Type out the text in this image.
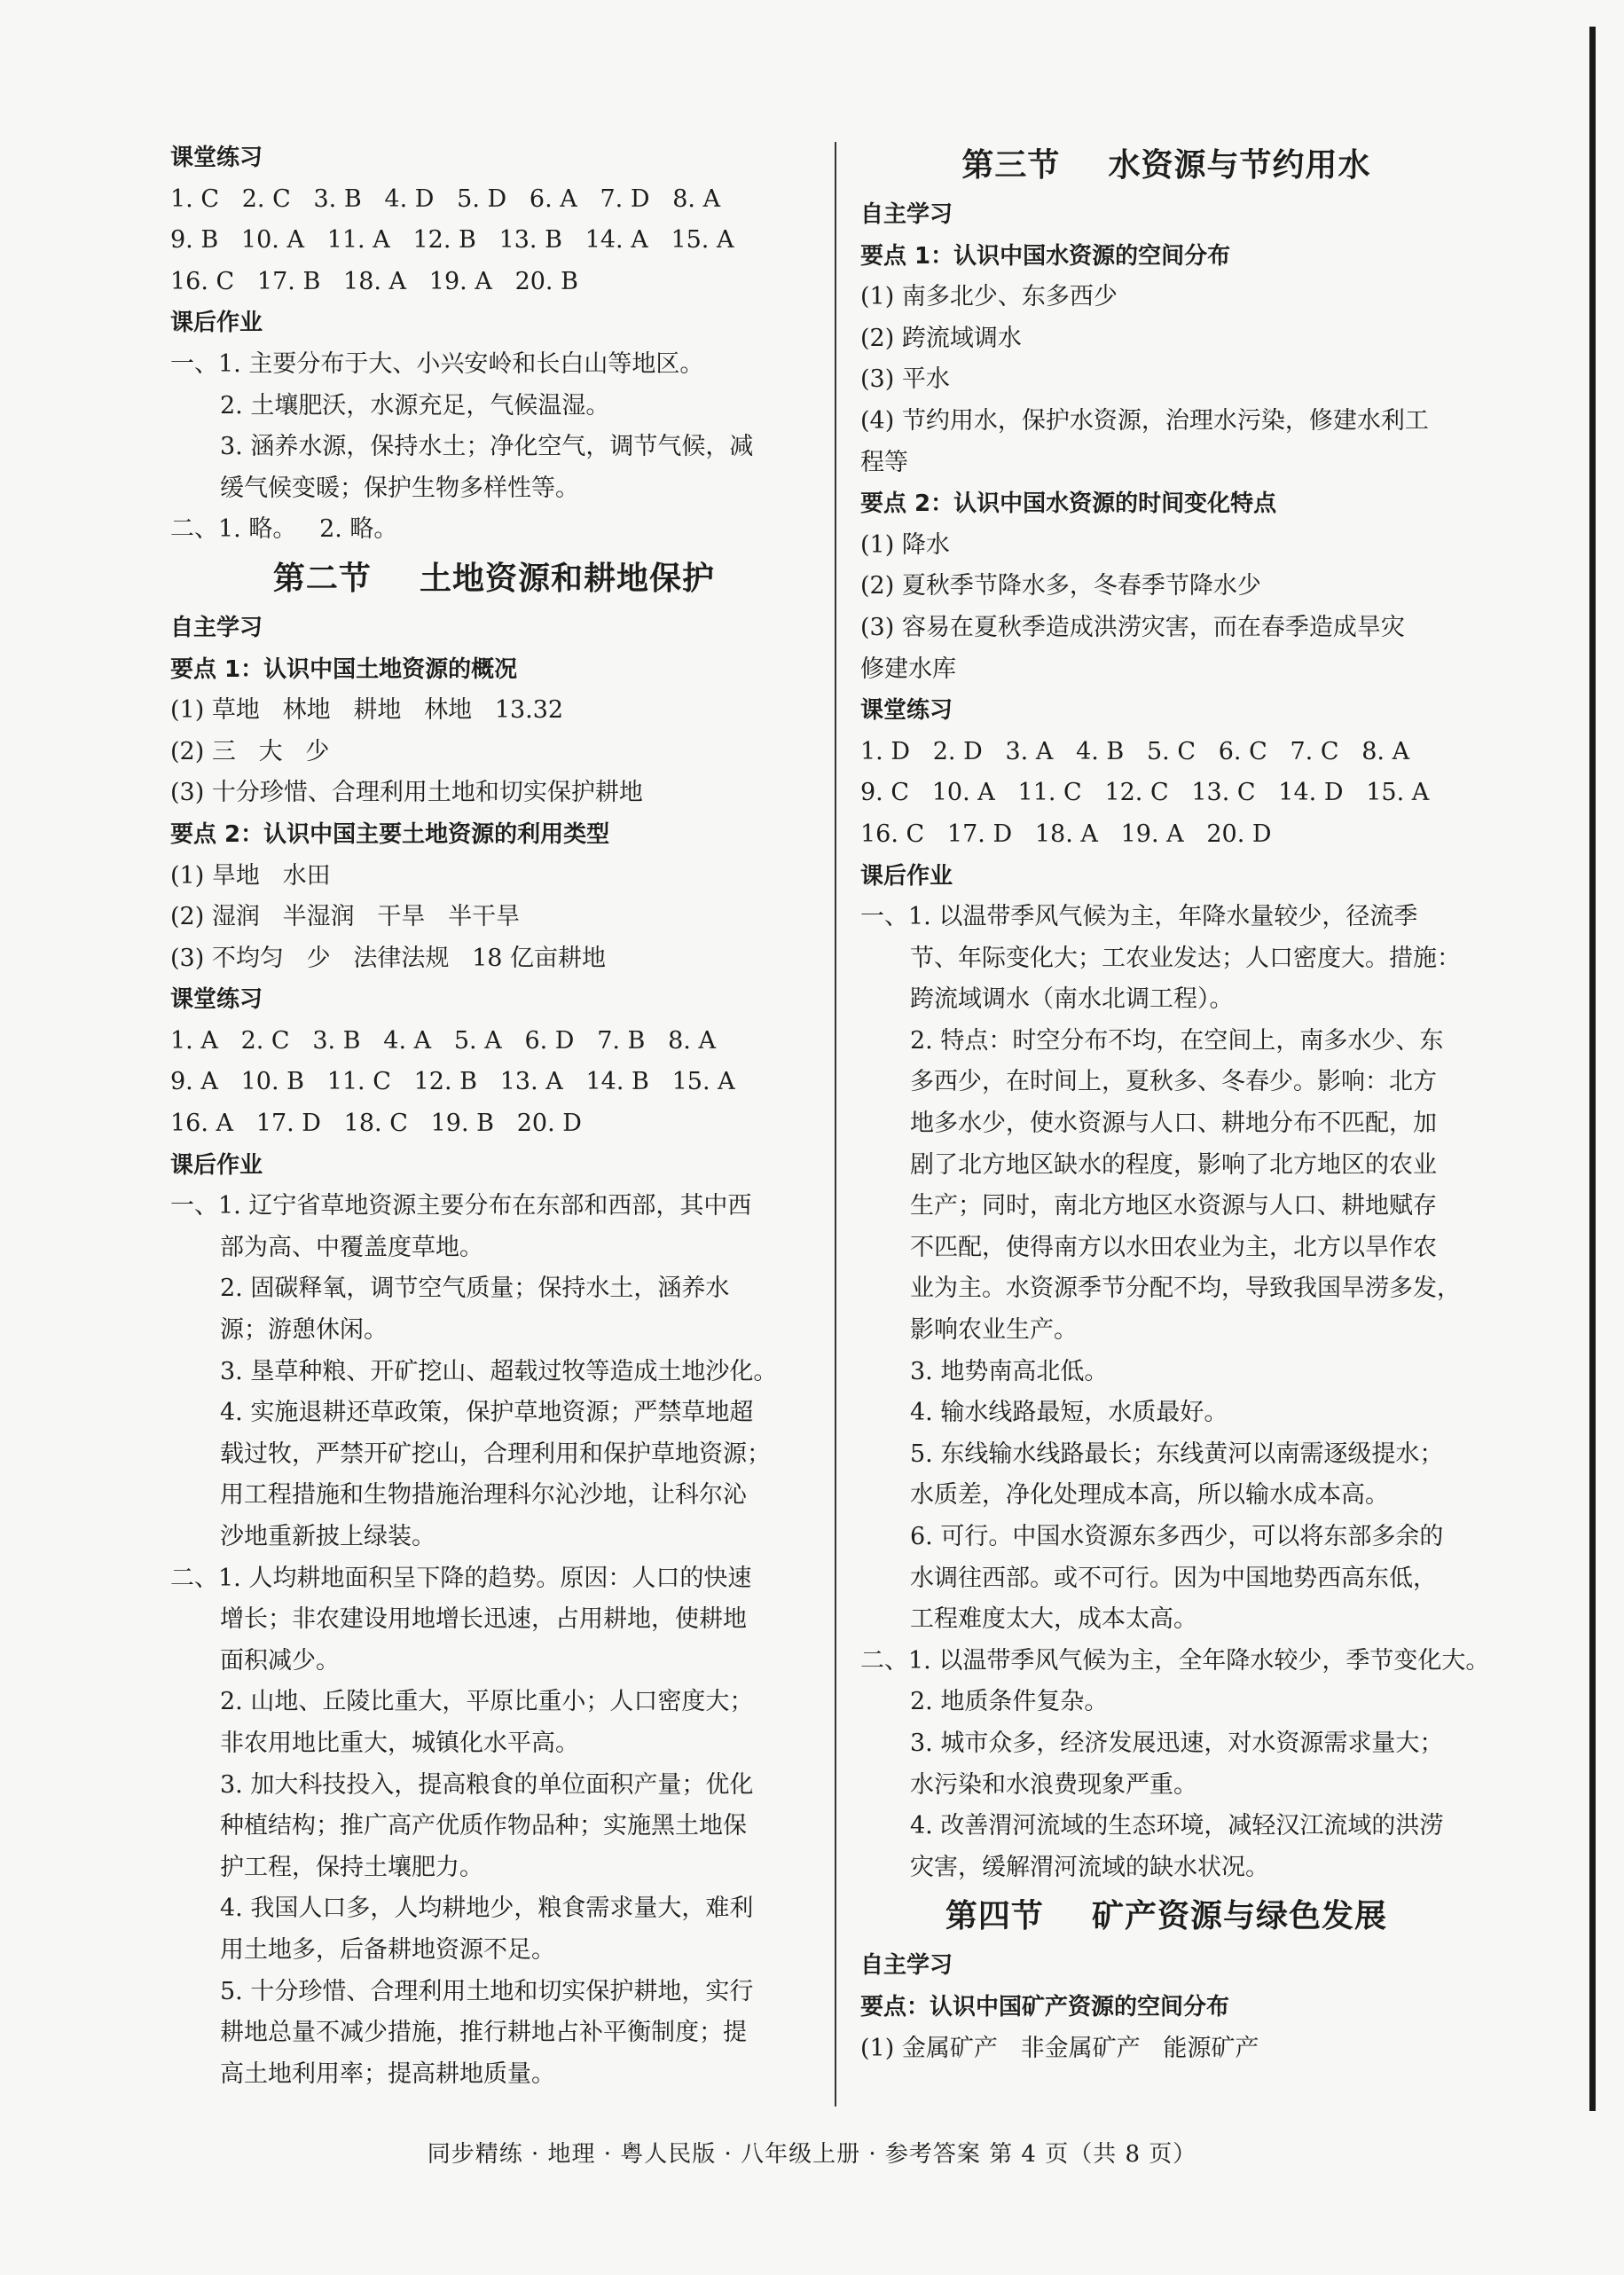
课堂练习
1. C   2. C   3. B   4. D   5. D   6. A   7. D   8. A
9. B   10. A   11. A   12. B   13. B   14. A   15. A
16. C   17. B   18. A   19. A   20. B
课后作业
一、1. 主要分布于大、小兴安岭和长白山等地区。
2. 土壤肥沃，水源充足，气候温湿。
3. 涵养水源，保持水土；净化空气，调节气候，减
缓气候变暖；保护生物多样性等。
二、1. 略。   2. 略。
第二节    土地资源和耕地保护
自主学习
要点 1：认识中国土地资源的概况
(1) 草地   林地   耕地   林地   13.32
(2) 三   大   少
(3) 十分珍惜、合理利用土地和切实保护耕地
要点 2：认识中国主要土地资源的利用类型
(1) 旱地   水田
(2) 湿润   半湿润   干旱   半干旱
(3) 不均匀   少   法律法规   18 亿亩耕地
课堂练习
1. A   2. C   3. B   4. A   5. A   6. D   7. B   8. A
9. A   10. B   11. C   12. B   13. A   14. B   15. A
16. A   17. D   18. C   19. B   20. D
课后作业
一、1. 辽宁省草地资源主要分布在东部和西部，其中西
部为高、中覆盖度草地。
2. 固碳释氧，调节空气质量；保持水土，涵养水
源；游憩休闲。
3. 垦草种粮、开矿挖山、超载过牧等造成土地沙化。
4. 实施退耕还草政策，保护草地资源；严禁草地超
载过牧，严禁开矿挖山，合理利用和保护草地资源；
用工程措施和生物措施治理科尔沁沙地，让科尔沁
沙地重新披上绿装。
二、1. 人均耕地面积呈下降的趋势。原因：人口的快速
增长；非农建设用地增长迅速，占用耕地，使耕地
面积减少。
2. 山地、丘陵比重大，平原比重小；人口密度大；
非农用地比重大，城镇化水平高。
3. 加大科技投入，提高粮食的单位面积产量；优化
种植结构；推广高产优质作物品种；实施黑土地保
护工程，保持土壤肥力。
4. 我国人口多，人均耕地少，粮食需求量大，难利
用土地多，后备耕地资源不足。
5. 十分珍惜、合理利用土地和切实保护耕地，实行
耕地总量不减少措施，推行耕地占补平衡制度；提
高土地利用率；提高耕地质量。
第三节    水资源与节约用水
自主学习
要点 1：认识中国水资源的空间分布
(1) 南多北少、东多西少
(2) 跨流域调水
(3) 平水
(4) 节约用水，保护水资源，治理水污染，修建水利工
程等
要点 2：认识中国水资源的时间变化特点
(1) 降水
(2) 夏秋季节降水多，冬春季节降水少
(3) 容易在夏秋季造成洪涝灾害，而在春季造成旱灾
修建水库
课堂练习
1. D   2. D   3. A   4. B   5. C   6. C   7. C   8. A
9. C   10. A   11. C   12. C   13. C   14. D   15. A
16. C   17. D   18. A   19. A   20. D
课后作业
一、1. 以温带季风气候为主，年降水量较少，径流季
节、年际变化大；工农业发达；人口密度大。措施：
跨流域调水（南水北调工程）。
2. 特点：时空分布不均，在空间上，南多水少、东
多西少，在时间上，夏秋多、冬春少。影响：北方
地多水少，使水资源与人口、耕地分布不匹配，加
剧了北方地区缺水的程度，影响了北方地区的农业
生产；同时，南北方地区水资源与人口、耕地赋存
不匹配，使得南方以水田农业为主，北方以旱作农
业为主。水资源季节分配不均，导致我国旱涝多发，
影响农业生产。
3. 地势南高北低。
4. 输水线路最短，水质最好。
5. 东线输水线路最长；东线黄河以南需逐级提水；
水质差，净化处理成本高，所以输水成本高。
6. 可行。中国水资源东多西少，可以将东部多余的
水调往西部。或不可行。因为中国地势西高东低，
工程难度太大，成本太高。
二、1. 以温带季风气候为主，全年降水较少，季节变化大。
2. 地质条件复杂。
3. 城市众多，经济发展迅速，对水资源需求量大；
水污染和水浪费现象严重。
4. 改善渭河流域的生态环境，减轻汉江流域的洪涝
灾害，缓解渭河流域的缺水状况。
第四节    矿产资源与绿色发展
自主学习
要点：认识中国矿产资源的空间分布
(1) 金属矿产   非金属矿产   能源矿产
同步精练 · 地理 · 粤人民版 · 八年级上册 · 参考答案 第 4 页（共 8 页）
